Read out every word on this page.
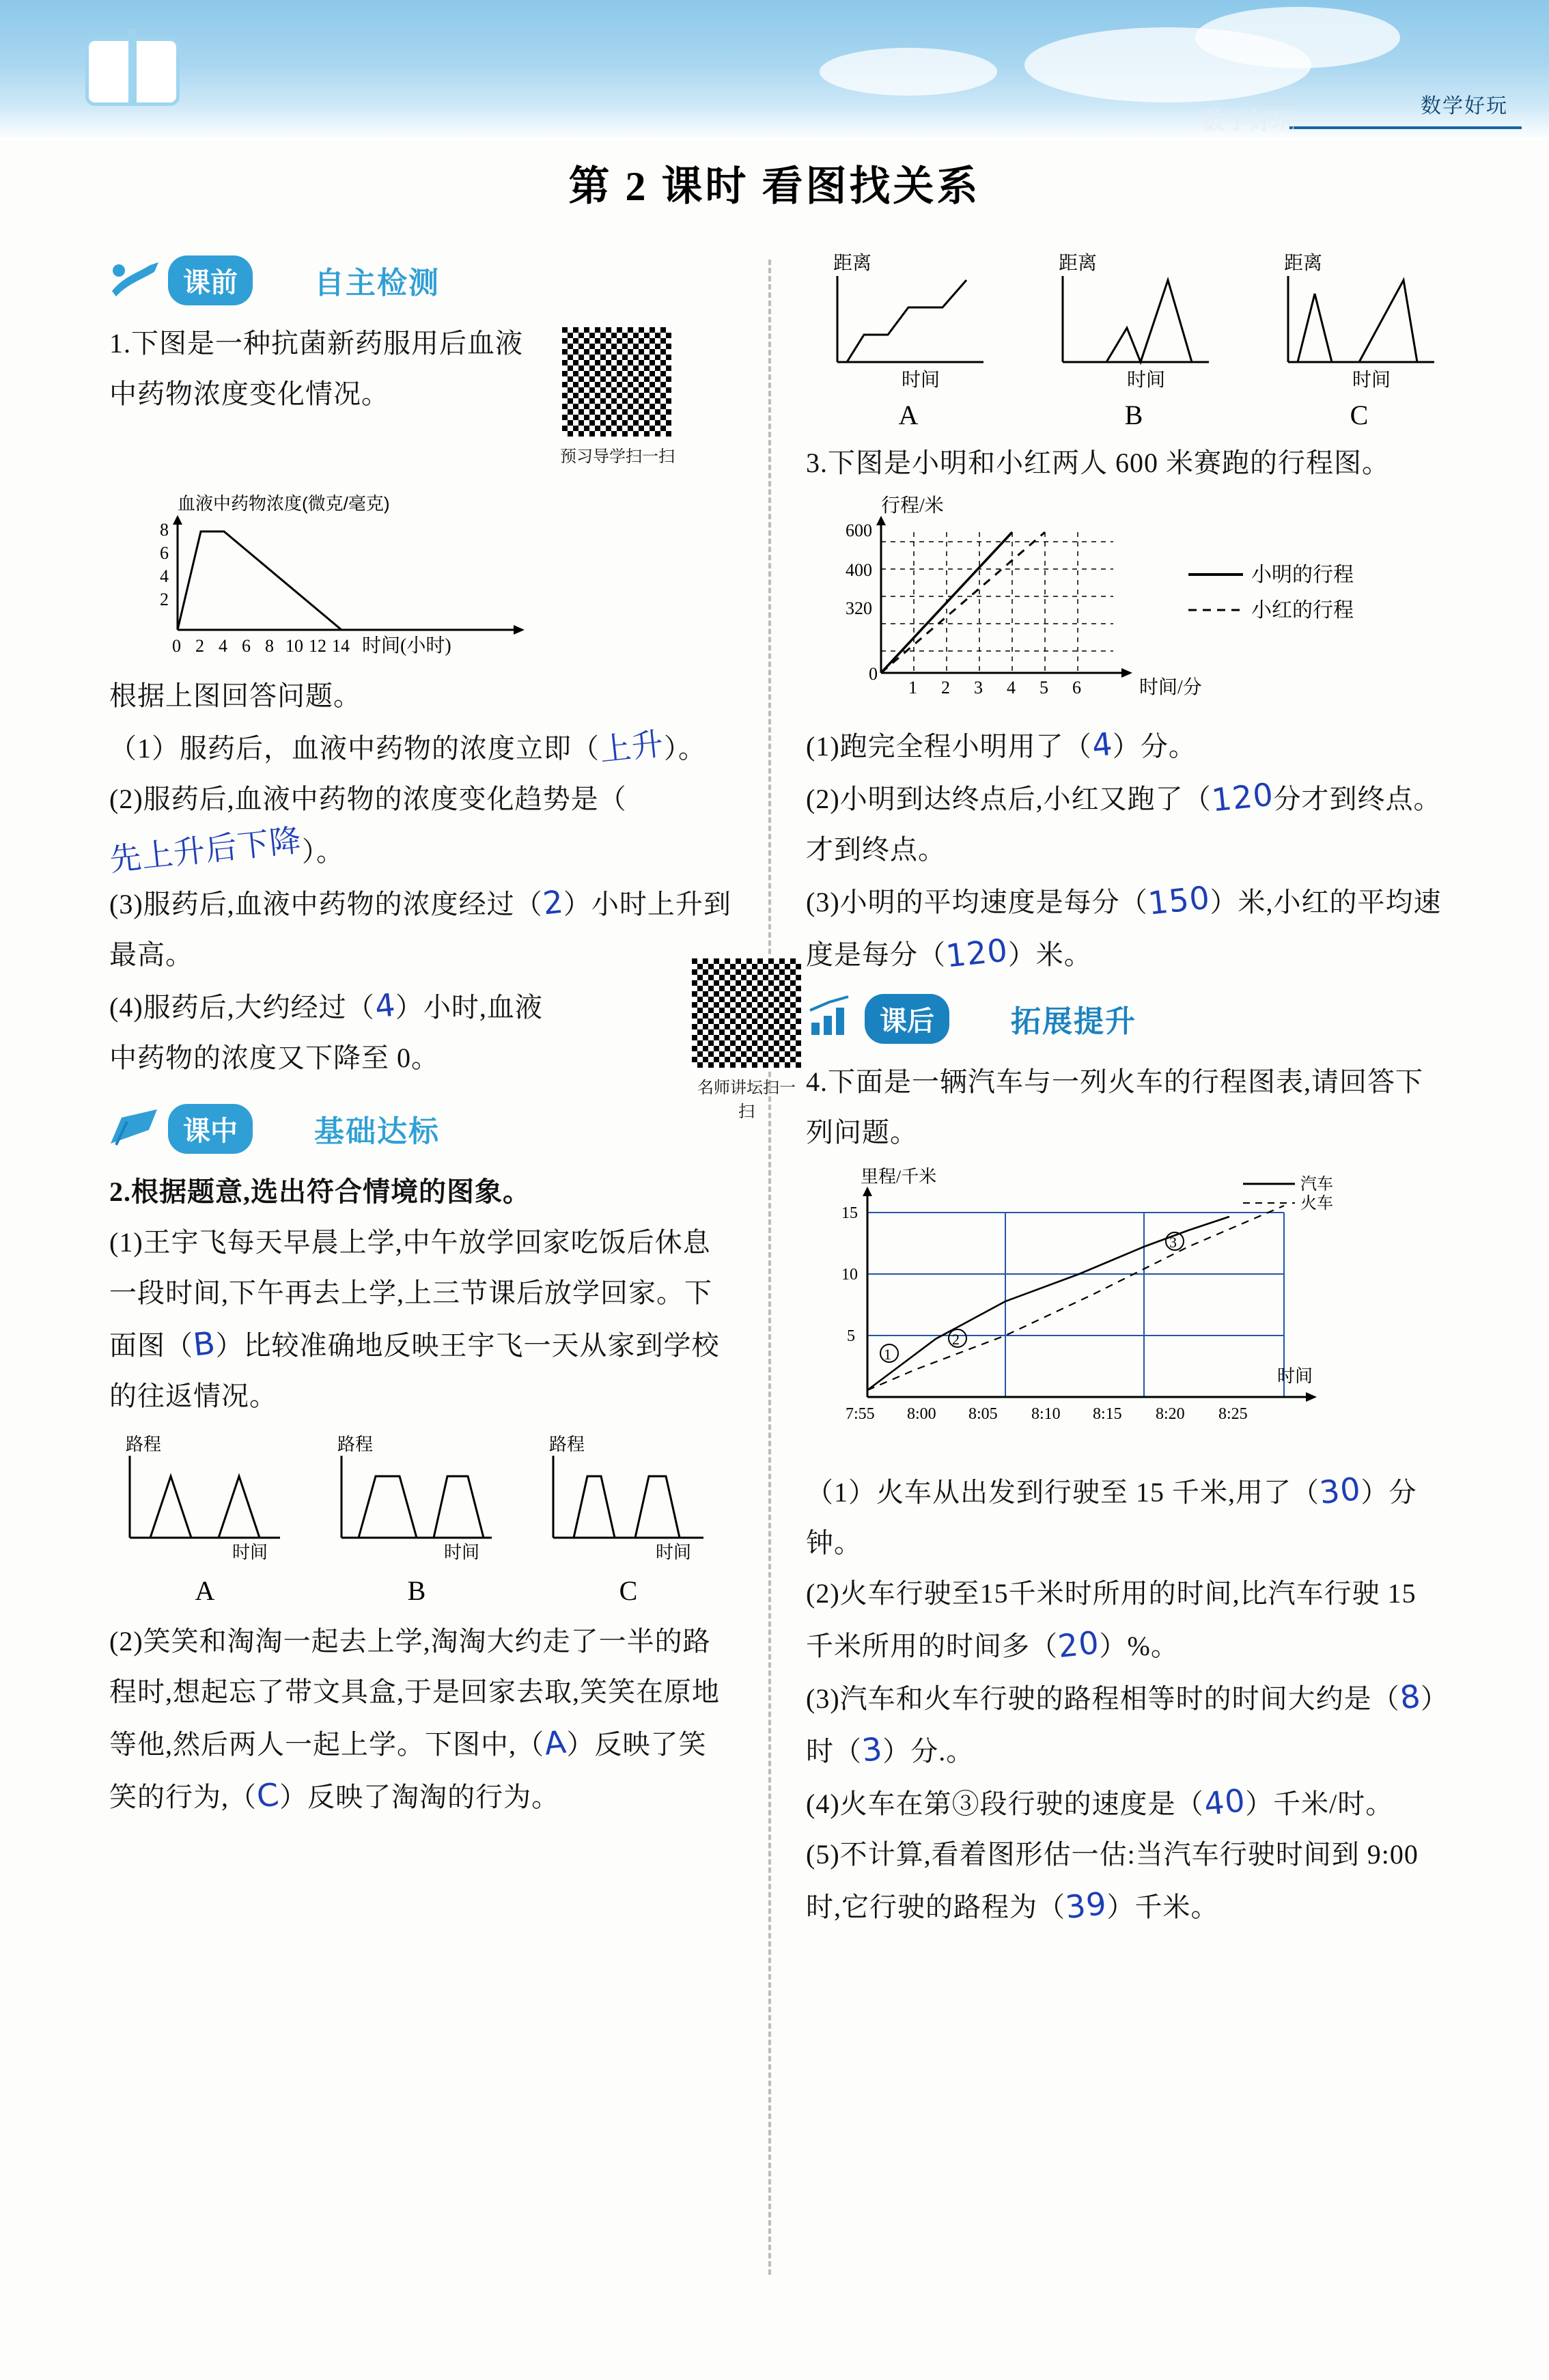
数学好玩
数学好玩
第 2 课时 看图找关系
课前	自主检测
1.下图是一种抗菌新药服用后血液中药物浓度变化情况。
预习导学扫一扫
血液中药物浓度(微克/毫克)
8
6
4
2
0 2 4 6 8 10 12 14 时间(小时)
根据上图回答问题。
（1）服药后，血液中药物的浓度立即（上升）。
(2)服药后,血液中药物的浓度变化趋势是（先上升后下降）。
(3)服药后,血液中药物的浓度经过（2）小时上升到最高。
(4)服药后,大约经过（4）小时,血液中药物的浓度又下降至 0。
名师讲坛扫一扫
课中	基础达标
2.根据题意,选出符合情境的图象。
(1)王宇飞每天早晨上学,中午放学回家吃饭后休息一段时间,下午再去上学,上三节课后放学回家。下面图（B）比较准确地反映王宇飞一天从家到学校的往返情况。
路程
时间
A
路程
时间
B
路程
时间
C
(2)笑笑和淘淘一起去上学,淘淘大约走了一半的路程时,想起忘了带文具盒,于是回家去取,笑笑在原地等他,然后两人一起上学。下图中,（A）反映了笑笑的行为,（C）反映了淘淘的行为。
距离
时间
A
距离
时间
B
距离
时间
C
3.下图是小明和小红两人 600 米赛跑的行程图。
行程/米
600
400
320
0
1 2 3 4 5 6	时间/分
小明的行程
小红的行程
(1)跑完全程小明用了（4）分。
(2)小明到达终点后,小红又跑了（120分才到终点。 才到终点。
(3)小明的平均速度是每分（150）米,小红的平均速度是每分（120）米。
课后	拓展提升
4.下面是一辆汽车与一列火车的行程图表,请回答下列问题。
里程/千米	汽车
火车
15
10
5
7:55 8:00 8:05 8:10 8:15 8:20 8:25
时间
1
2
3
（1）火车从出发到行驶至 15 千米,用了（30）分钟。
(2)火车行驶至15千米时所用的时间,比汽车行驶 15 千米所用的时间多（20）%。
(3)汽车和火车行驶的路程相等时的时间大约是（8）时（3）分.。
(4)火车在第③段行驶的速度是（40）千米/时。
(5)不计算,看着图形估一估:当汽车行驶时间到 9:00 时,它行驶的路程为（39）千米。
